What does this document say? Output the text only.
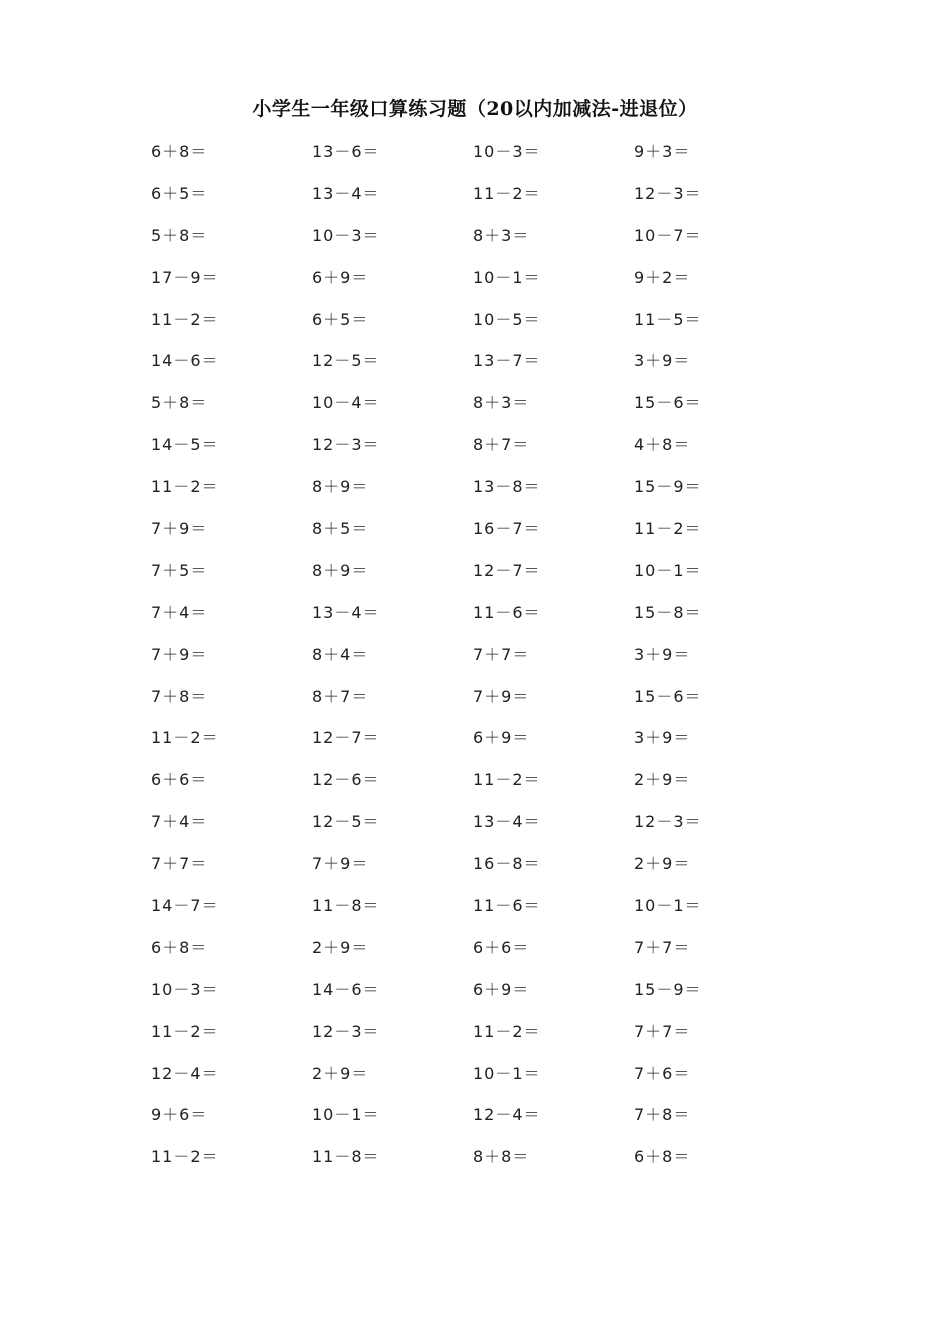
小学生一年级口算练习题（20以内加减法-进退位）
6＋8＝	13－6＝	10－3＝	9＋3＝
6＋5＝	13－4＝	11－2＝	12－3＝
5＋8＝	10－3＝	8＋3＝	10－7＝
17－9＝	6＋9＝	10－1＝	9＋2＝
11－2＝	6＋5＝	10－5＝	11－5＝
14－6＝	12－5＝	13－7＝	3＋9＝
5＋8＝	10－4＝	8＋3＝	15－6＝
14－5＝	12－3＝	8＋7＝	4＋8＝
11－2＝	8＋9＝	13－8＝	15－9＝
7＋9＝	8＋5＝	16－7＝	11－2＝
7＋5＝	8＋9＝	12－7＝	10－1＝
7＋4＝	13－4＝	11－6＝	15－8＝
7＋9＝	8＋4＝	7＋7＝	3＋9＝
7＋8＝	8＋7＝	7＋9＝	15－6＝
11－2＝	12－7＝	6＋9＝	3＋9＝
6＋6＝	12－6＝	11－2＝	2＋9＝
7＋4＝	12－5＝	13－4＝	12－3＝
7＋7＝	7＋9＝	16－8＝	2＋9＝
14－7＝	11－8＝	11－6＝	10－1＝
6＋8＝	2＋9＝	6＋6＝	7＋7＝
10－3＝	14－6＝	6＋9＝	15－9＝
11－2＝	12－3＝	11－2＝	7＋7＝
12－4＝	2＋9＝	10－1＝	7＋6＝
9＋6＝	10－1＝	12－4＝	7＋8＝
11－2＝	11－8＝	8＋8＝	6＋8＝
